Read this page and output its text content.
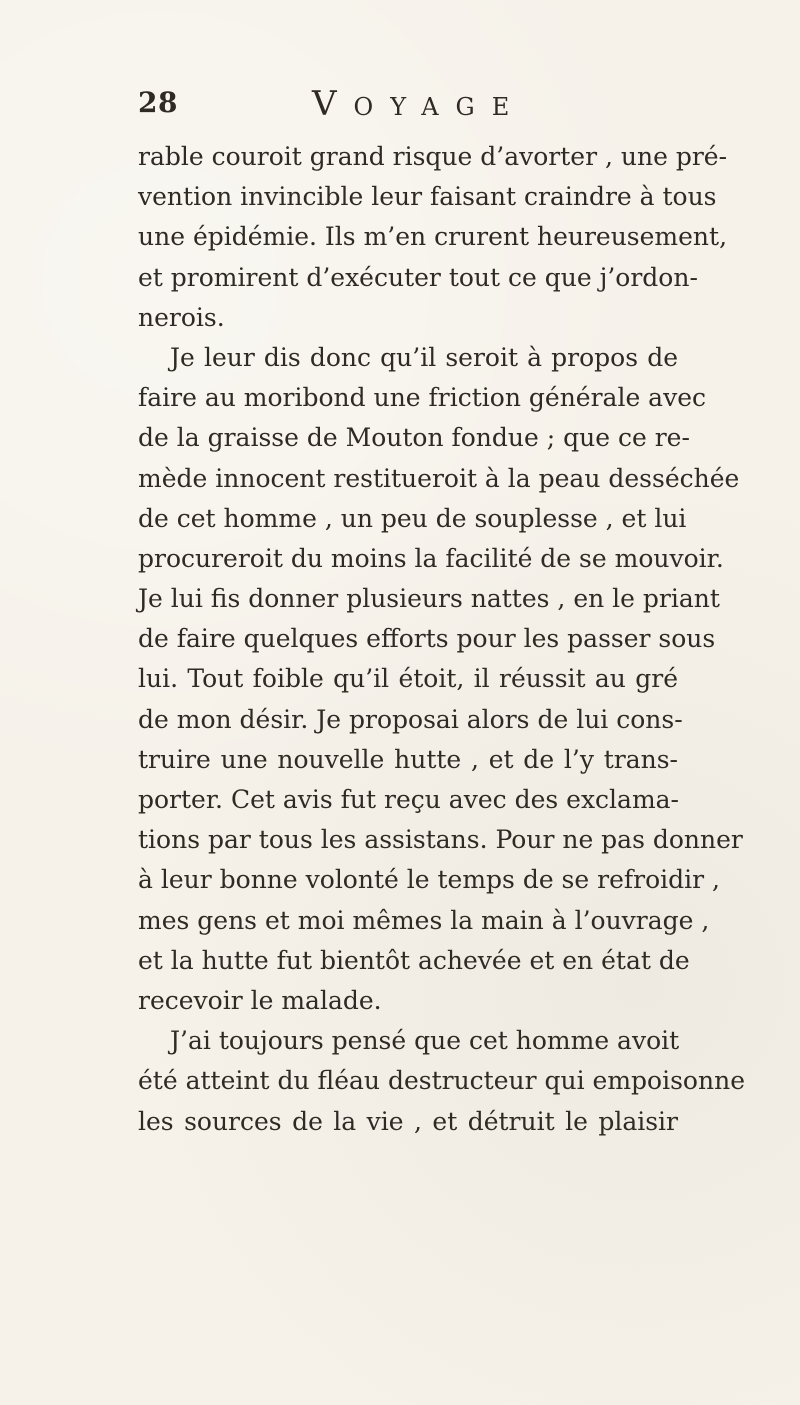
28	Voyage
rable couroit grand risque d’avorter , une pré-
vention invincible leur faisant craindre à tous
une épidémie. Ils m’en crurent heureusement,
et promirent d’exécuter tout ce que j’ordon-
nerois.
Je leur dis donc qu’il seroit à propos de
faire au moribond une friction générale avec
de la graisse de Mouton fondue ; que ce re-
mède innocent restitueroit à la peau desséchée
de cet homme , un peu de souplesse , et lui
procureroit du moins la facilité de se mouvoir.
Je lui fis donner plusieurs nattes , en le priant
de faire quelques efforts pour les passer sous
lui. Tout foible qu’il étoit, il réussit au gré
de mon désir. Je proposai alors de lui cons-
truire une nouvelle hutte , et de l’y trans-
porter. Cet avis fut reçu avec des exclama-
tions par tous les assistans. Pour ne pas donner
à leur bonne volonté le temps de se refroidir ,
mes gens et moi mêmes la main à l’ouvrage ,
et la hutte fut bientôt achevée et en état de
recevoir le malade.
J’ai toujours pensé que cet homme avoit
été atteint du fléau destructeur qui empoisonne
les sources de la vie , et détruit le plaisir
